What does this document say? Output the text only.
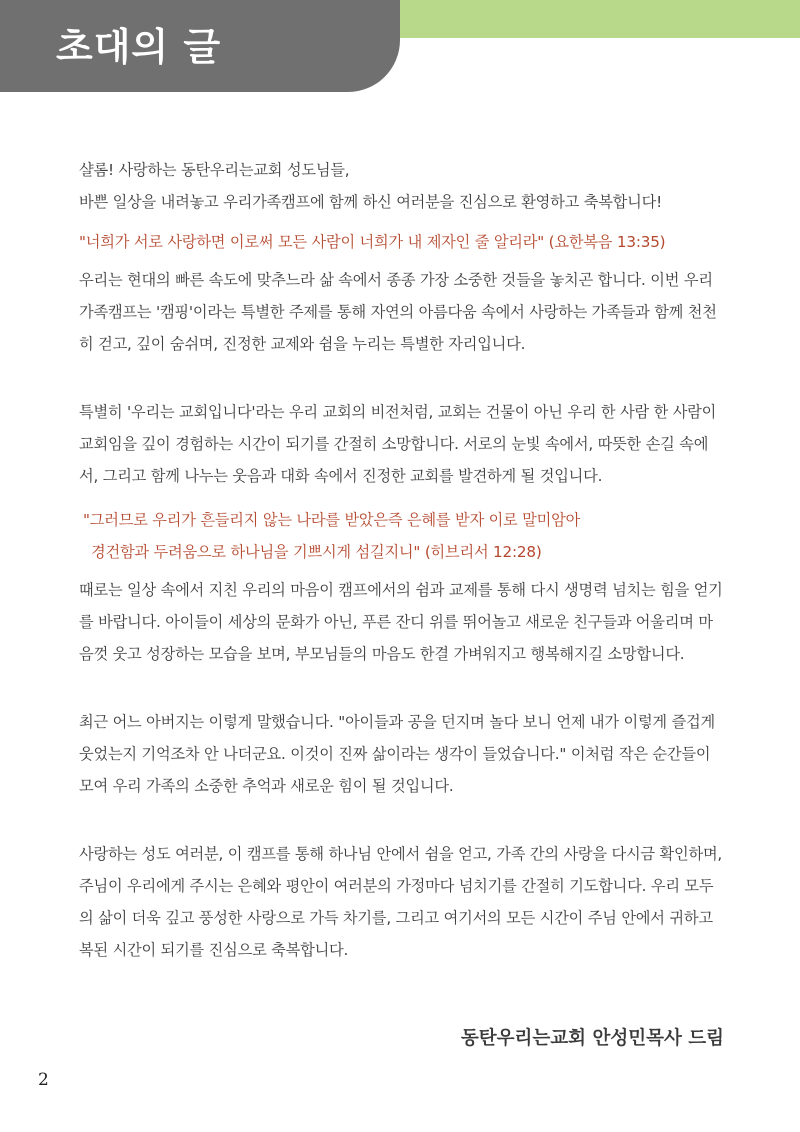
초대의 글

샬롬! 사랑하는 동탄우리는교회 성도님들,
바쁜 일상을 내려놓고 우리가족캠프에 함께 하신 여러분을 진심으로 환영하고 축복합니다!

"너희가 서로 사랑하면 이로써 모든 사람이 너희가 내 제자인 줄 알리라" (요한복음 13:35)

우리는 현대의 빠른 속도에 맞추느라 삶 속에서 종종 가장 소중한 것들을 놓치곤 합니다. 이번 우리가족캠프는 '캠핑'이라는 특별한 주제를 통해 자연의 아름다움 속에서 사랑하는 가족들과 함께 천천히 걷고, 깊이 숨쉬며, 진정한 교제와 쉼을 누리는 특별한 자리입니다.

특별히 '우리는 교회입니다'라는 우리 교회의 비전처럼, 교회는 건물이 아닌 우리 한 사람 한 사람이 교회임을 깊이 경험하는 시간이 되기를 간절히 소망합니다. 서로의 눈빛 속에서, 따뜻한 손길 속에서, 그리고 함께 나누는 웃음과 대화 속에서 진정한 교회를 발견하게 될 것입니다.

"그러므로 우리가 흔들리지 않는 나라를 받았은즉 은혜를 받자 이로 말미암아
경건함과 두려움으로 하나님을 기쁘시게 섬길지니" (히브리서 12:28)

때로는 일상 속에서 지친 우리의 마음이 캠프에서의 쉼과 교제를 통해 다시 생명력 넘치는 힘을 얻기를 바랍니다. 아이들이 세상의 문화가 아닌, 푸른 잔디 위를 뛰어놀고 새로운 친구들과 어울리며 마음껏 웃고 성장하는 모습을 보며, 부모님들의 마음도 한결 가벼워지고 행복해지길 소망합니다.

최근 어느 아버지는 이렇게 말했습니다. "아이들과 공을 던지며 놀다 보니 언제 내가 이렇게 즐겁게 웃었는지 기억조차 안 나더군요. 이것이 진짜 삶이라는 생각이 들었습니다." 이처럼 작은 순간들이 모여 우리 가족의 소중한 추억과 새로운 힘이 될 것입니다.

사랑하는 성도 여러분, 이 캠프를 통해 하나님 안에서 쉼을 얻고, 가족 간의 사랑을 다시금 확인하며, 주님이 우리에게 주시는 은혜와 평안이 여러분의 가정마다 넘치기를 간절히 기도합니다. 우리 모두의 삶이 더욱 깊고 풍성한 사랑으로 가득 차기를, 그리고 여기서의 모든 시간이 주님 안에서 귀하고 복된 시간이 되기를 진심으로 축복합니다.

동탄우리는교회 안성민목사 드림

2
